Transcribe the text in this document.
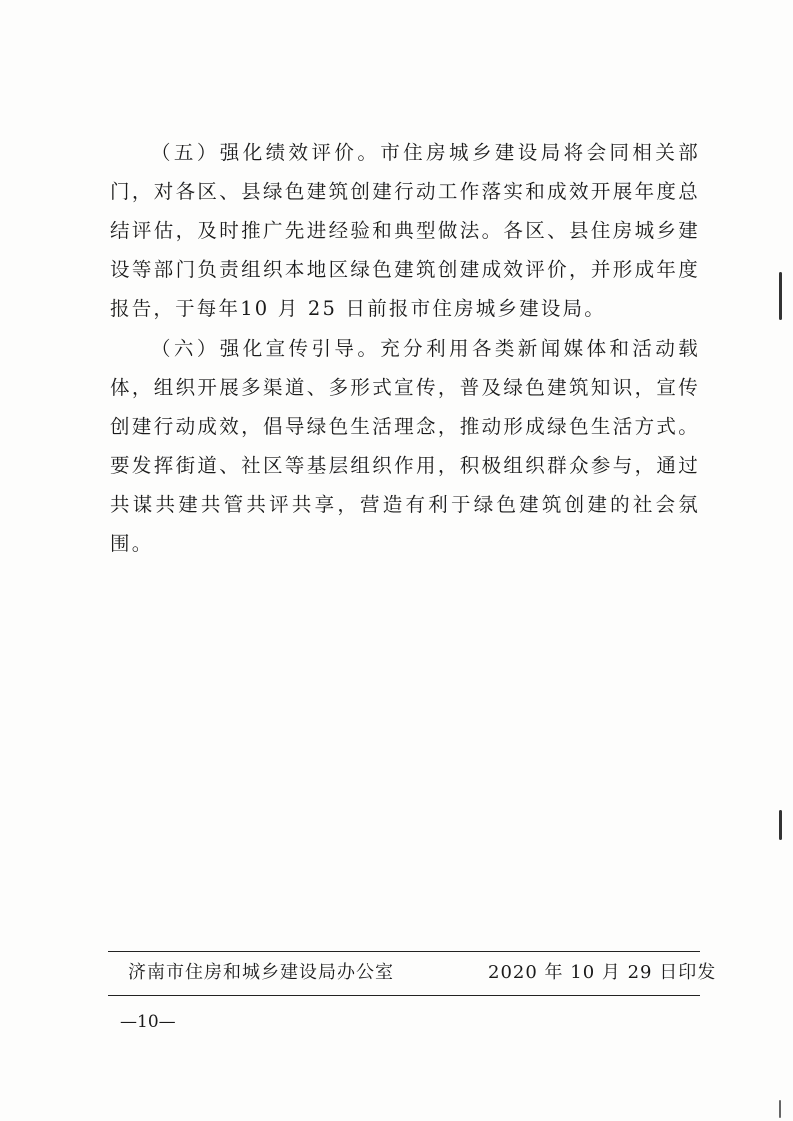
（五）强化绩效评价。市住房城乡建设局将会同相关部门，对各区、县绿色建筑创建行动工作落实和成效开展年度总结评估，及时推广先进经验和典型做法。各区、县住房城乡建设等部门负责组织本地区绿色建筑创建成效评价，并形成年度报告，于每年10 月 25 日前报市住房城乡建设局。

（六）强化宣传引导。充分利用各类新闻媒体和活动载体，组织开展多渠道、多形式宣传，普及绿色建筑知识，宣传创建行动成效，倡导绿色生活理念，推动形成绿色生活方式。要发挥街道、社区等基层组织作用，积极组织群众参与，通过共谋共建共管共评共享，营造有利于绿色建筑创建的社会氛围。

济南市住房和城乡建设局办公室	2020 年 10 月 29 日印发
—10—
